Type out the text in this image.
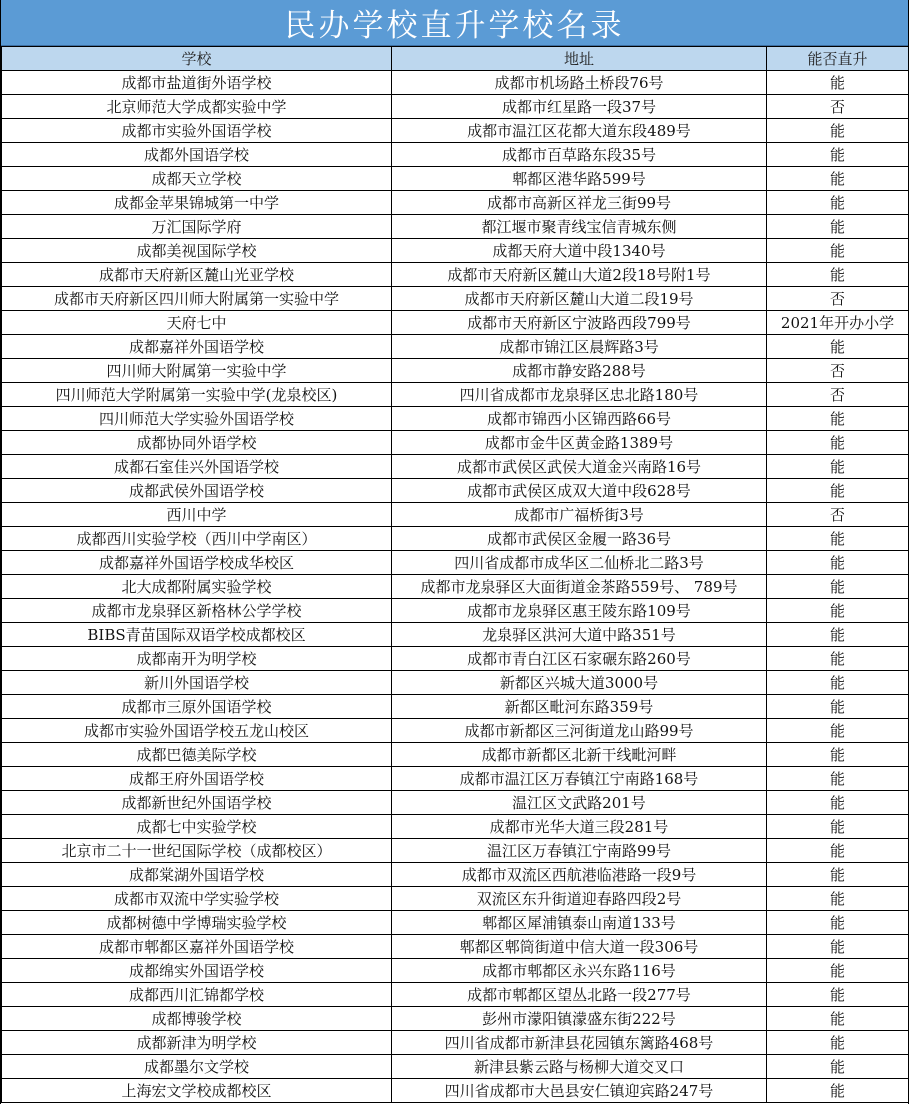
民办学校直升学校名录
学校	地址	能否直升
成都市盐道街外语学校	成都市机场路土桥段76号	能
北京师范大学成都实验中学	成都市红星路一段37号	否
成都市实验外国语学校	成都市温江区花都大道东段489号	能
成都外国语学校	成都市百草路东段35号	能
成都天立学校	郫都区港华路599号	能
成都金苹果锦城第一中学	成都市高新区祥龙三街99号	能
万汇国际学府	都江堰市聚青线宝信青城东侧	能
成都美视国际学校	成都天府大道中段1340号	能
成都市天府新区麓山光亚学校	成都市天府新区麓山大道2段18号附1号	能
成都市天府新区四川师大附属第一实验中学	成都市天府新区麓山大道二段19号	否
天府七中	成都市天府新区宁波路西段799号	2021年开办小学
成都嘉祥外国语学校	成都市锦江区晨辉路3号	能
四川师大附属第一实验中学	成都市静安路288号	否
四川师范大学附属第一实验中学(龙泉校区)	四川省成都市龙泉驿区忠北路180号	否
四川师范大学实验外国语学校	成都市锦西小区锦西路66号	能
成都协同外语学校	成都市金牛区黄金路1389号	能
成都石室佳兴外国语学校	成都市武侯区武侯大道金兴南路16号	能
成都武侯外国语学校	成都市武侯区成双大道中段628号	能
西川中学	成都市广福桥街3号	否
成都西川实验学校（西川中学南区）	成都市武侯区金履一路36号	能
成都嘉祥外国语学校成华校区	四川省成都市成华区二仙桥北二路3号	能
北大成都附属实验学校	成都市龙泉驿区大面街道金茶路559号、 789号	能
成都市龙泉驿区新格林公学学校	成都市龙泉驿区惠王陵东路109号	能
BIBS青苗国际双语学校成都校区	龙泉驿区洪河大道中路351号	能
成都南开为明学校	成都市青白江区石家碾东路260号	能
新川外国语学校	新都区兴城大道3000号	能
成都市三原外国语学校	新都区毗河东路359号	能
成都市实验外国语学校五龙山校区	成都市新都区三河街道龙山路99号	能
成都巴德美际学校	成都市新都区北新干线毗河畔	能
成都王府外国语学校	成都市温江区万春镇江宁南路168号	能
成都新世纪外国语学校	温江区文武路201号	能
成都七中实验学校	成都市光华大道三段281号	能
北京市二十一世纪国际学校（成都校区）	温江区万春镇江宁南路99号	能
成都棠湖外国语学校	成都市双流区西航港临港路一段9号	能
成都市双流中学实验学校	双流区东升街道迎春路四段2号	能
成都树德中学博瑞实验学校	郫都区犀浦镇泰山南道133号	能
成都市郫都区嘉祥外国语学校	郫都区郫筒街道中信大道一段306号	能
成都绵实外国语学校	成都市郫都区永兴东路116号	能
成都西川汇锦都学校	成都市郫都区望丛北路一段277号	能
成都博骏学校	彭州市濛阳镇濛盛东街222号	能
成都新津为明学校	四川省成都市新津县花园镇东篱路468号	能
成都墨尔文学校	新津县紫云路与杨柳大道交叉口	能
上海宏文学校成都校区	四川省成都市大邑县安仁镇迎宾路247号	能
